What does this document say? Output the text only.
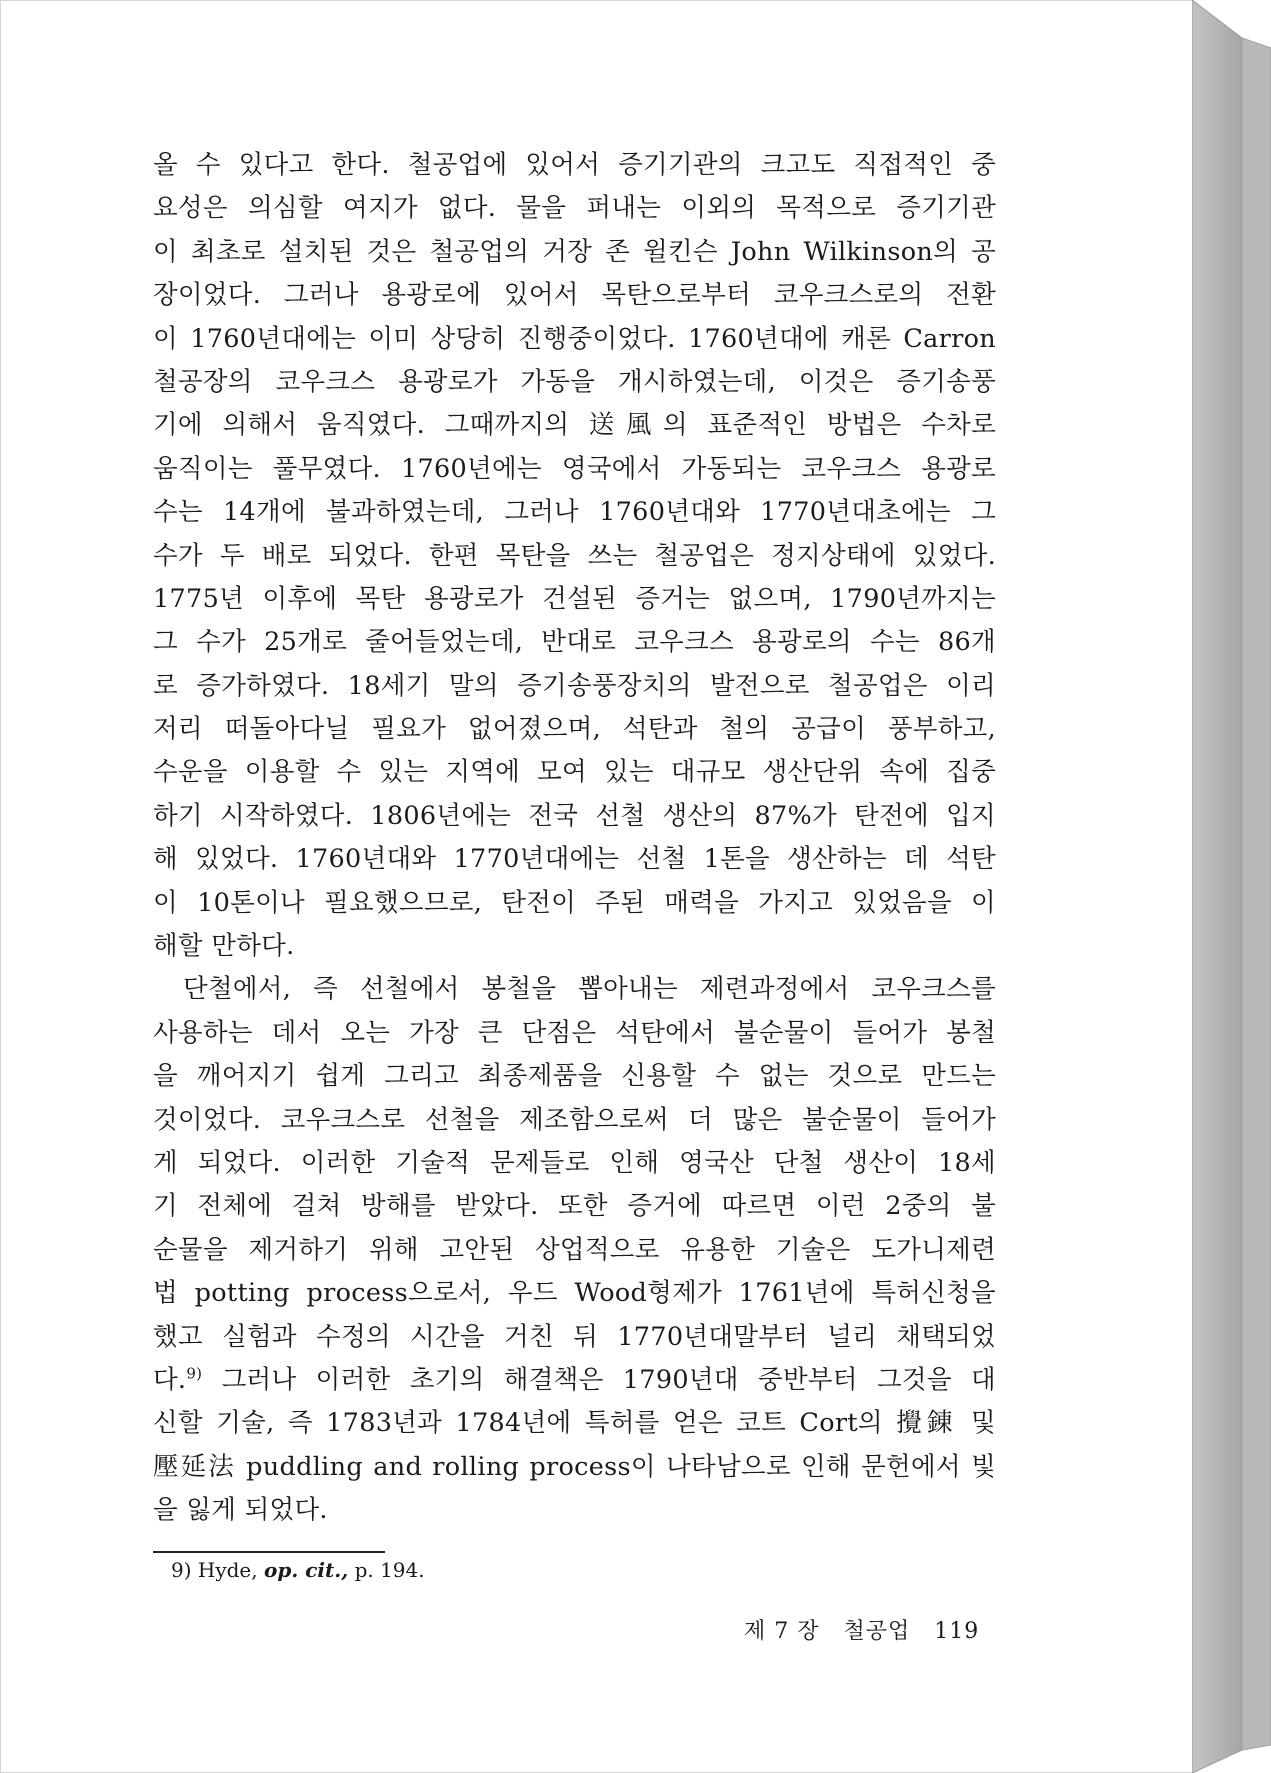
올 수 있다고 한다. 철공업에 있어서 증기기관의 크고도 직접적인 중
요성은 의심할 여지가 없다. 물을 퍼내는 이외의 목적으로 증기기관
이 최초로 설치된 것은 철공업의 거장 존 윌킨슨 John Wilkinson의 공
장이었다. 그러나 용광로에 있어서 목탄으로부터 코우크스로의 전환
이 1760년대에는 이미 상당히 진행중이었다. 1760년대에 캐론 Carron
철공장의 코우크스 용광로가 가동을 개시하였는데, 이것은 증기송풍
기에 의해서 움직였다. 그때까지의 送風의 표준적인 방법은 수차로
움직이는 풀무였다. 1760년에는 영국에서 가동되는 코우크스 용광로
수는 14개에 불과하였는데, 그러나 1760년대와 1770년대초에는 그
수가 두 배로 되었다. 한편 목탄을 쓰는 철공업은 정지상태에 있었다.
1775년 이후에 목탄 용광로가 건설된 증거는 없으며, 1790년까지는
그 수가 25개로 줄어들었는데, 반대로 코우크스 용광로의 수는 86개
로 증가하였다. 18세기 말의 증기송풍장치의 발전으로 철공업은 이리
저리 떠돌아다닐 필요가 없어졌으며, 석탄과 철의 공급이 풍부하고,
수운을 이용할 수 있는 지역에 모여 있는 대규모 생산단위 속에 집중
하기 시작하였다. 1806년에는 전국 선철 생산의 87%가 탄전에 입지
해 있었다. 1760년대와 1770년대에는 선철 1톤을 생산하는 데 석탄
이 10톤이나 필요했으므로, 탄전이 주된 매력을 가지고 있었음을 이
해할 만하다.
단철에서, 즉 선철에서 봉철을 뽑아내는 제련과정에서 코우크스를
사용하는 데서 오는 가장 큰 단점은 석탄에서 불순물이 들어가 봉철
을 깨어지기 쉽게 그리고 최종제품을 신용할 수 없는 것으로 만드는
것이었다. 코우크스로 선철을 제조함으로써 더 많은 불순물이 들어가
게 되었다. 이러한 기술적 문제들로 인해 영국산 단철 생산이 18세
기 전체에 걸쳐 방해를 받았다. 또한 증거에 따르면 이런 2중의 불
순물을 제거하기 위해 고안된 상업적으로 유용한 기술은 도가니제련
법 potting process으로서, 우드 Wood형제가 1761년에 특허신청을
했고 실험과 수정의 시간을 거친 뒤 1770년대말부터 널리 채택되었
다.$^{9)}$ 그러나 이러한 초기의 해결책은 1790년대 중반부터 그것을 대
신할 기술, 즉 1783년과 1784년에 특허를 얻은 코트 Cort의 攪錬 및
壓延法 puddling and rolling process이 나타남으로 인해 문헌에서 빛
을 잃게 되었다.
9) Hyde, op. cit., p. 194.
제 7 장 철공업 119
